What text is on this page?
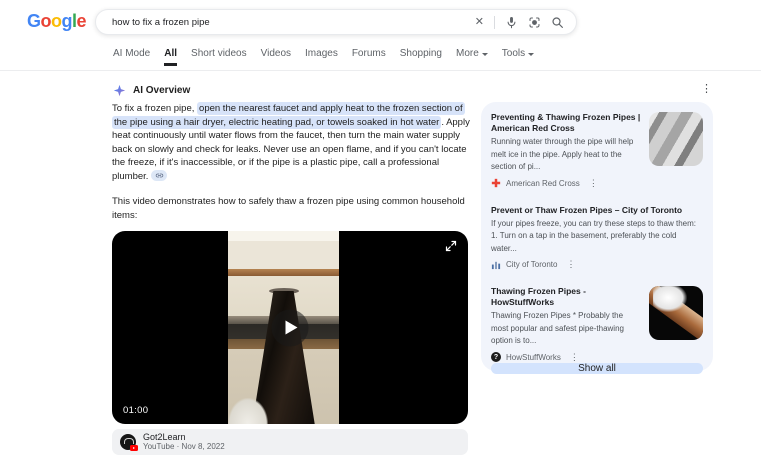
Google
how to fix a frozen pipe	✕
AI Mode All Short videos Videos Images Forums Shopping More Tools
AI Overview	⋮

To fix a frozen pipe, open the nearest faucet and apply heat to the frozen section of the pipe using a hair dryer, electric heating pad, or towels soaked in hot water . Apply heat continuously until water flows from the faucet, then turn the main water supply back on slowly and check for leaks. Never use an open flame, and if you can't locate the freeze, if it's inaccessible, or if the pipe is a plastic pipe, call a professional plumber.

This video demonstrates how to safely thaw a frozen pipe using common household items:

01:00
Got2Learn
YouTube · Nov 8, 2022
Preventing & Thawing Frozen Pipes | American Red Cross
Running water through the pipe will help melt ice in the pipe. Apply heat to the section of pi...
American Red Cross ⋮
Prevent or Thaw Frozen Pipes – City of Toronto
If your pipes freeze, you can try these steps to thaw them: 1. Turn on a tap in the basement, preferably the cold water...
City of Toronto ⋮
Thawing Frozen Pipes - HowStuffWorks
Thawing Frozen Pipes * Probably the most popular and safest pipe-thawing option is to...
? HowStuffWorks ⋮
Show all
